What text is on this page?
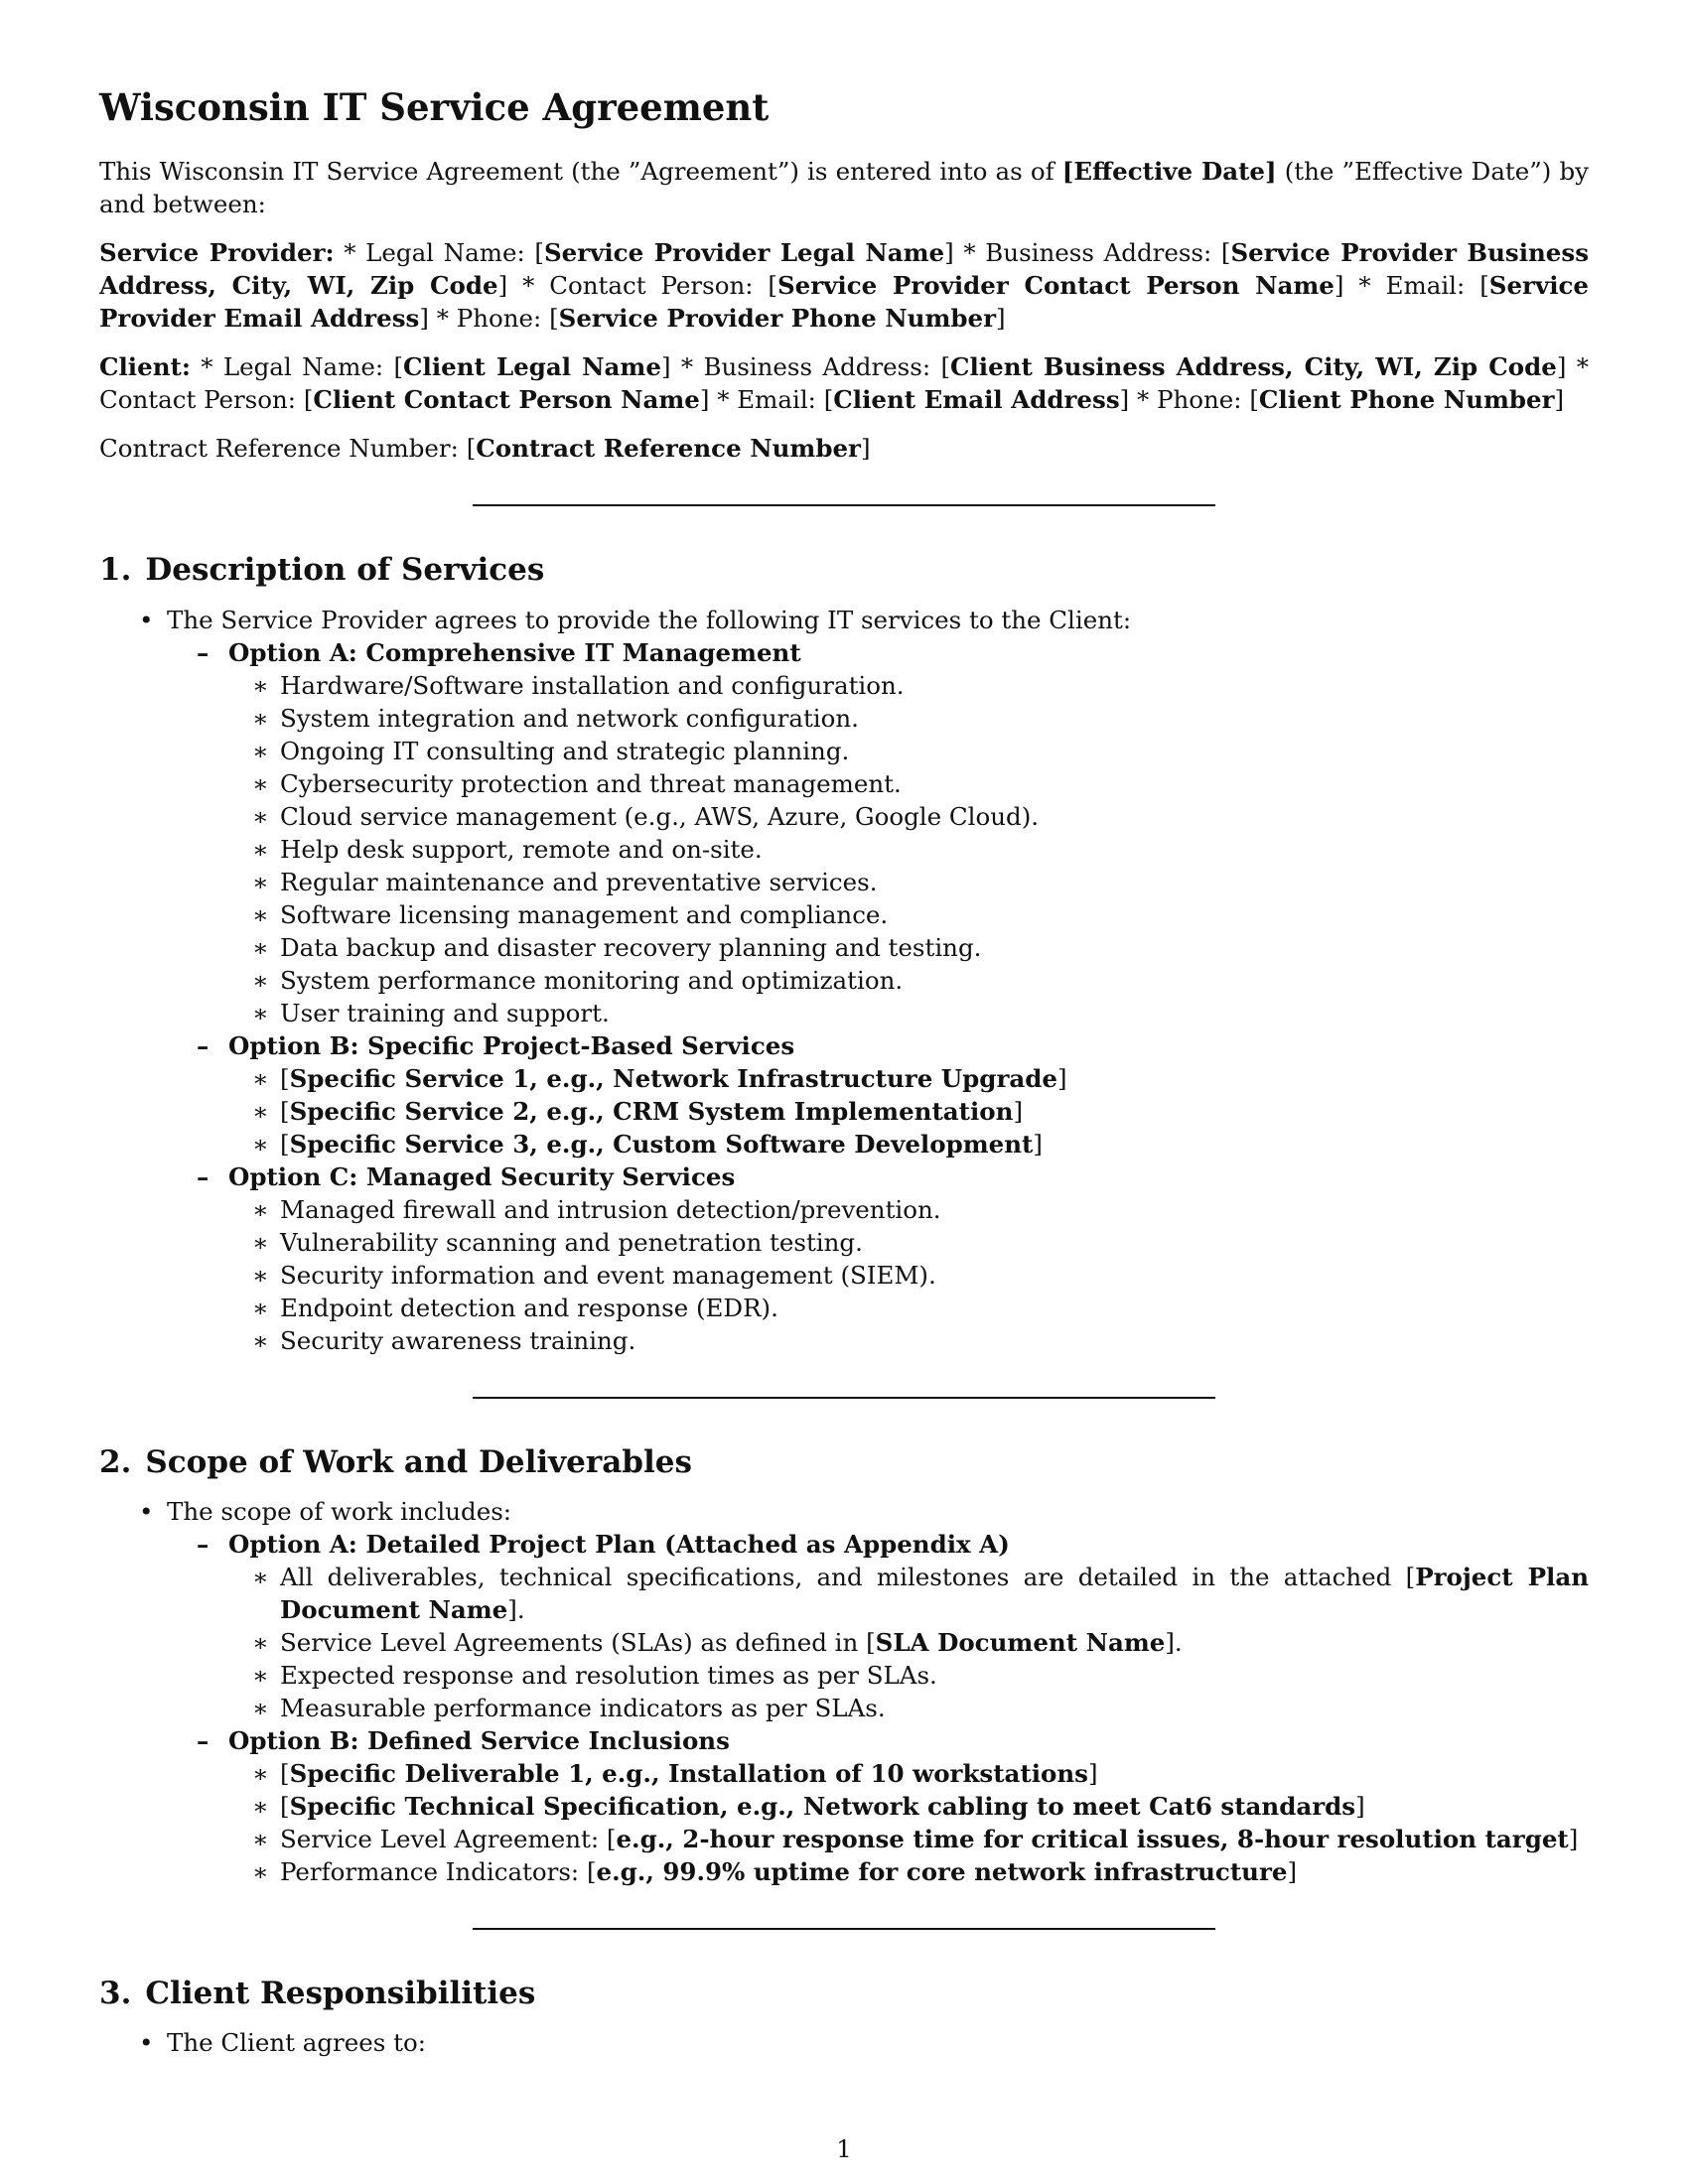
Wisconsin IT Service Agreement

This Wisconsin IT Service Agreement (the ”Agreement”) is entered into as of [Effective Date] (the ”Effective Date”) by and between:

Service Provider: * Legal Name: [Service Provider Legal Name] * Business Address: [Service Provider Business Address, City, WI, Zip Code] * Contact Person: [Service Provider Contact Person Name] * Email: [Service Provider Email Address] * Phone: [Service Provider Phone Number]

Client: * Legal Name: [Client Legal Name] * Business Address: [Client Business Address, City, WI, Zip Code] * Contact Person: [Client Contact Person Name] * Email: [Client Email Address] * Phone: [Client Phone Number]

Contract Reference Number: [Contract Reference Number]

1. Description of Services
• The Service Provider agrees to provide the following IT services to the Client:
– Option A: Comprehensive IT Management
∗ Hardware/Software installation and configuration.
∗ System integration and network configuration.
∗ Ongoing IT consulting and strategic planning.
∗ Cybersecurity protection and threat management.
∗ Cloud service management (e.g., AWS, Azure, Google Cloud).
∗ Help desk support, remote and on-site.
∗ Regular maintenance and preventative services.
∗ Software licensing management and compliance.
∗ Data backup and disaster recovery planning and testing.
∗ System performance monitoring and optimization.
∗ User training and support.
– Option B: Specific Project-Based Services
∗ [Specific Service 1, e.g., Network Infrastructure Upgrade]
∗ [Specific Service 2, e.g., CRM System Implementation]
∗ [Specific Service 3, e.g., Custom Software Development]
– Option C: Managed Security Services
∗ Managed firewall and intrusion detection/prevention.
∗ Vulnerability scanning and penetration testing.
∗ Security information and event management (SIEM).
∗ Endpoint detection and response (EDR).
∗ Security awareness training.
2. Scope of Work and Deliverables
• The scope of work includes:
– Option A: Detailed Project Plan (Attached as Appendix A)
∗ All deliverables, technical specifications, and milestones are detailed in the attached [Project Plan Document Name].
∗ Service Level Agreements (SLAs) as defined in [SLA Document Name].
∗ Expected response and resolution times as per SLAs.
∗ Measurable performance indicators as per SLAs.
– Option B: Defined Service Inclusions
∗ [Specific Deliverable 1, e.g., Installation of 10 workstations]
∗ [Specific Technical Specification, e.g., Network cabling to meet Cat6 standards]
∗ Service Level Agreement: [e.g., 2-hour response time for critical issues, 8-hour resolution target]
∗ Performance Indicators: [e.g., 99.9% uptime for core network infrastructure]
3. Client Responsibilities
• The Client agrees to:
1
